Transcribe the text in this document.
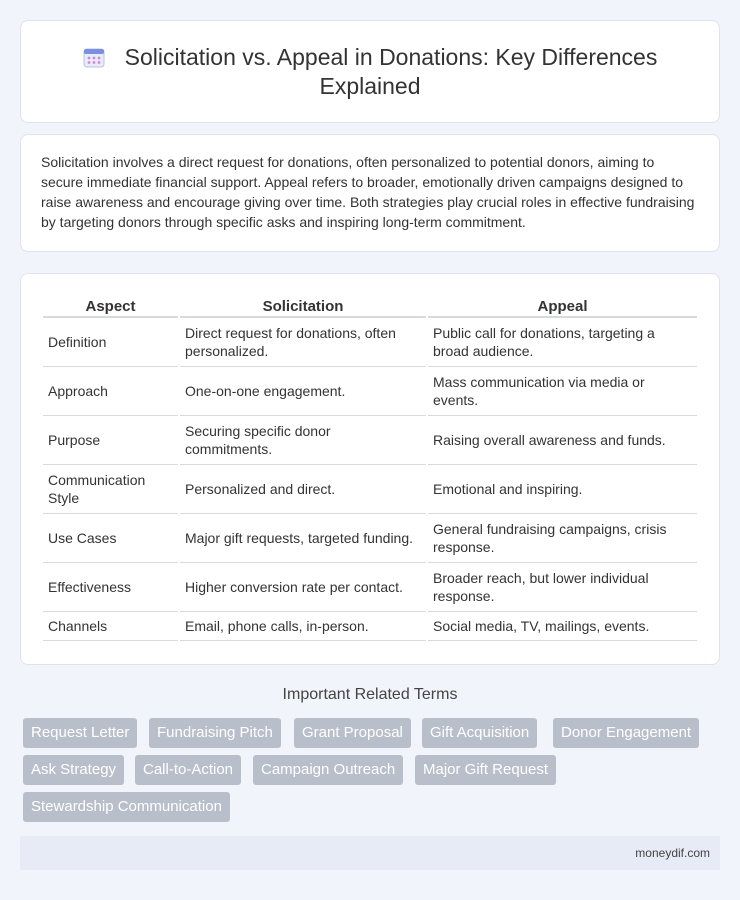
Solicitation vs. Appeal in Donations: Key Differences Explained

Solicitation involves a direct request for donations, often personalized to potential donors, aiming to secure immediate financial support. Appeal refers to broader, emotionally driven campaigns designed to raise awareness and encourage giving over time. Both strategies play crucial roles in effective fundraising by targeting donors through specific asks and inspiring long-term commitment.

Aspect	Solicitation	Appeal
Definition	Direct request for donations, often personalized.	Public call for donations, targeting a broad audience.
Approach	One-on-one engagement.	Mass communication via media or events.
Purpose	Securing specific donor commitments.	Raising overall awareness and funds.
Communication Style	Personalized and direct.	Emotional and inspiring.
Use Cases	Major gift requests, targeted funding.	General fundraising campaigns, crisis response.
Effectiveness	Higher conversion rate per contact.	Broader reach, but lower individual response.
Channels	Email, phone calls, in-person.	Social media, TV, mailings, events.
Important Related Terms
Request Letter	Fundraising Pitch	Grant Proposal	Gift Acquisition	Donor Engagement
Ask Strategy	Call-to-Action	Campaign Outreach	Major Gift Request
Stewardship Communication
moneydif.com
